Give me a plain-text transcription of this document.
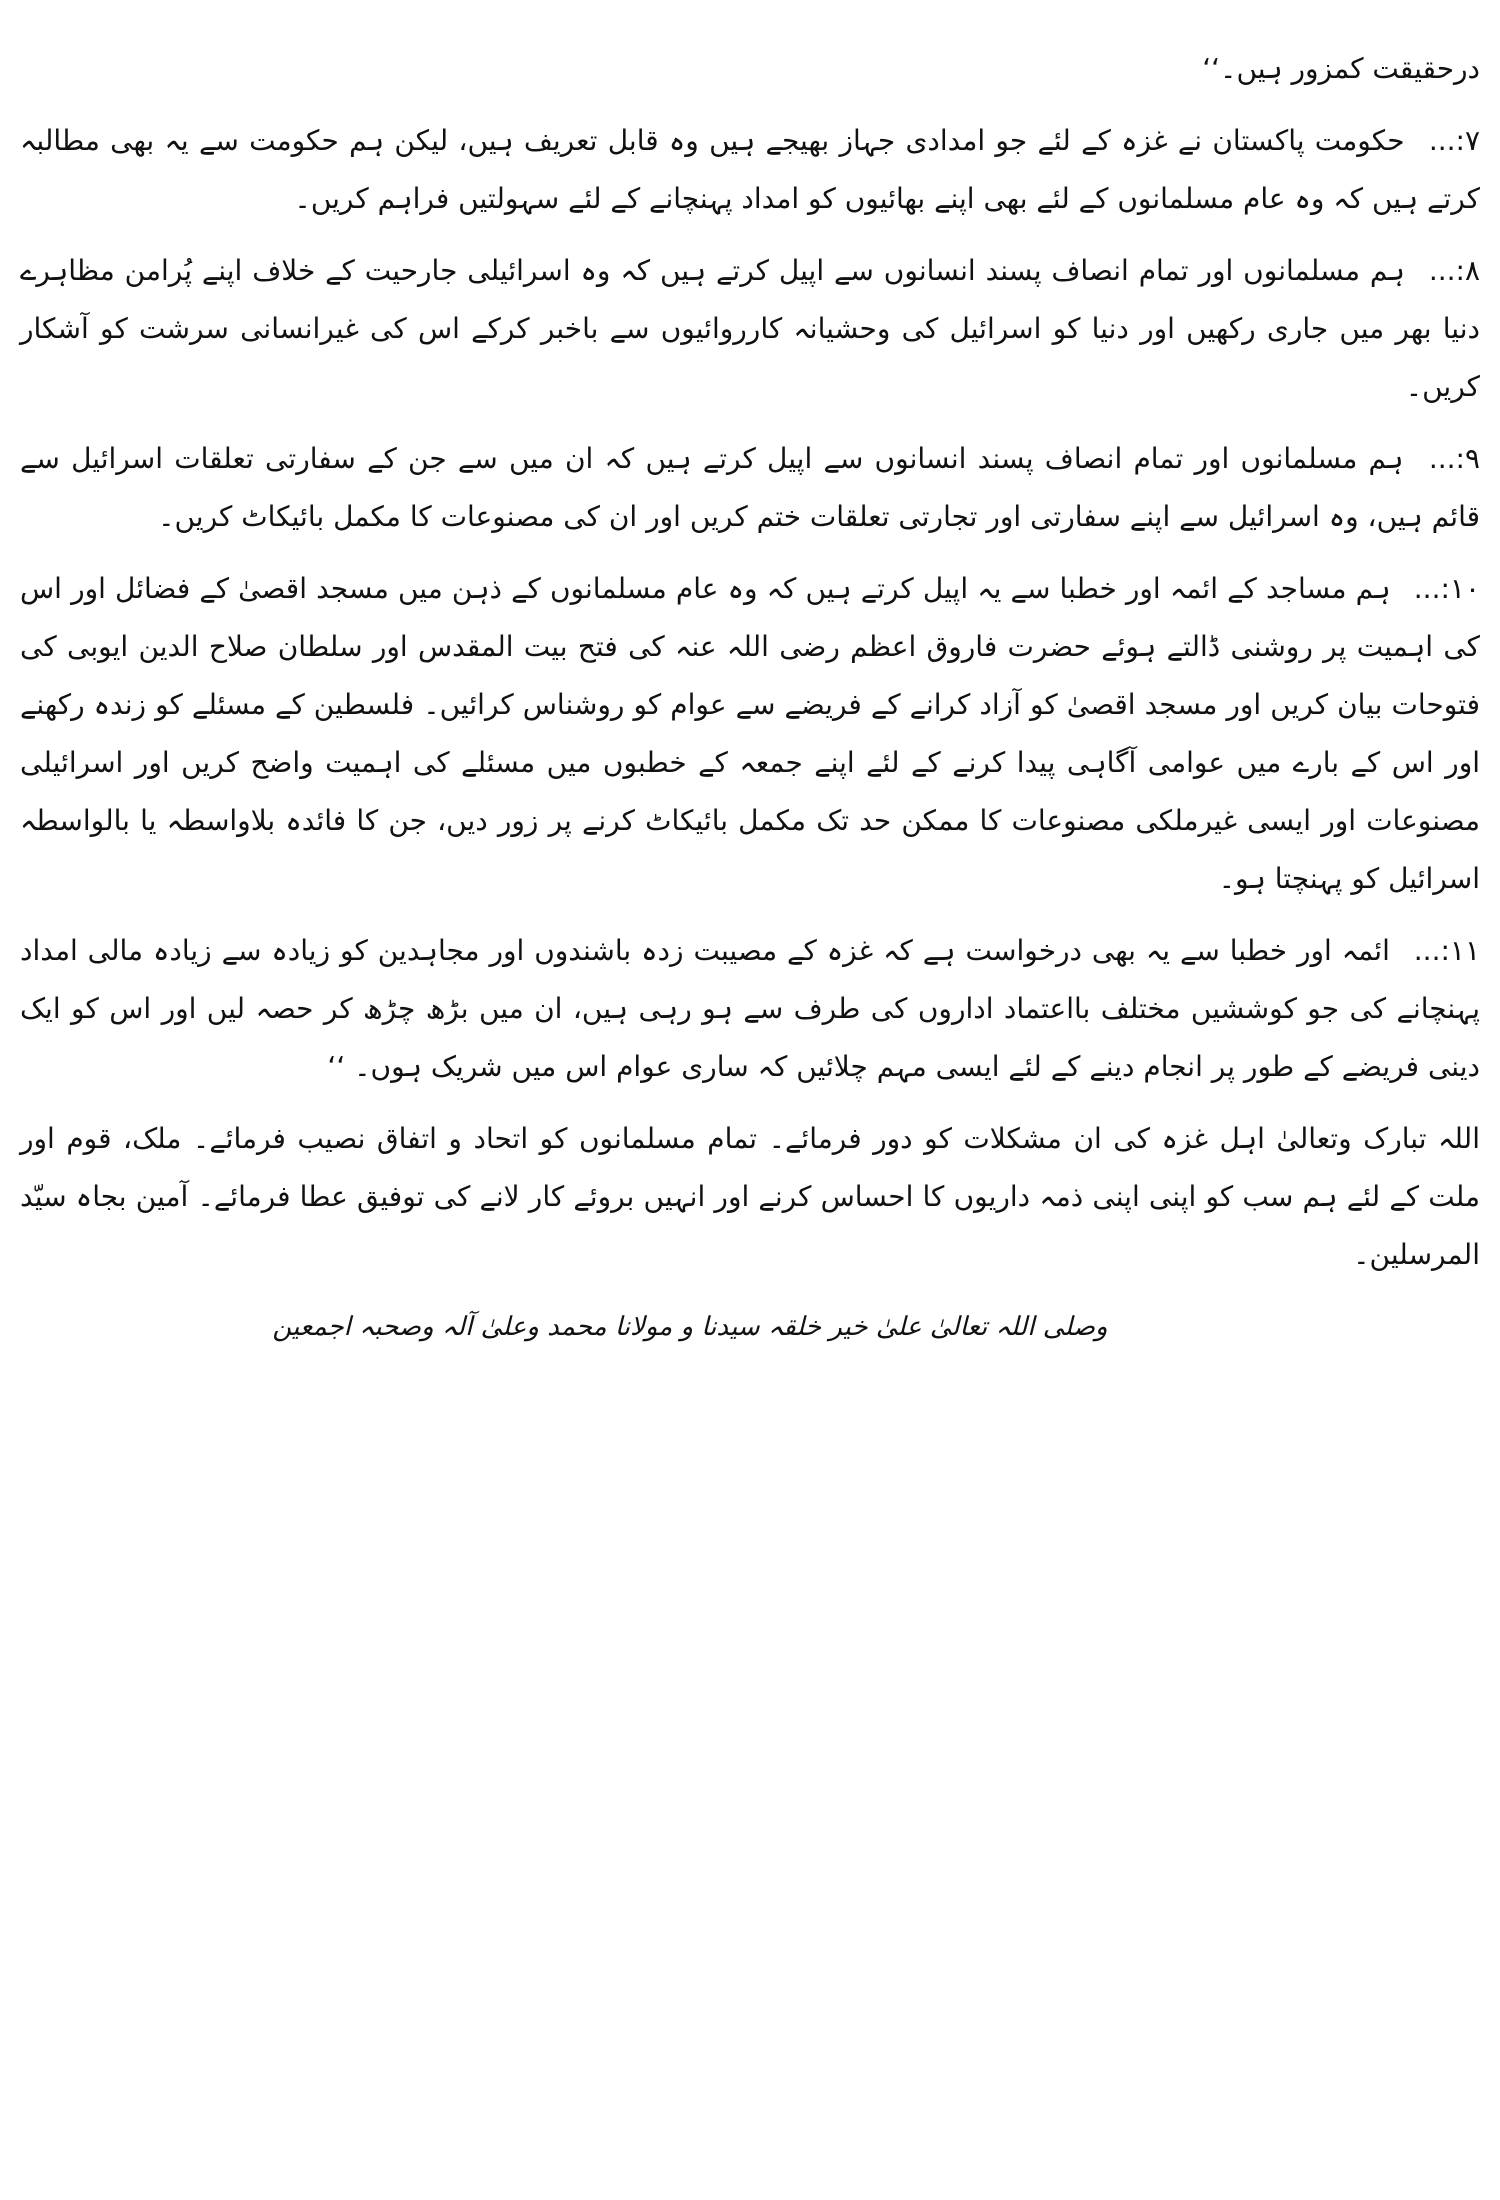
درحقیقت کمزور ہیں۔‘‘
۷:... حکومت پاکستان نے غزہ کے لئے جو امدادی جہاز بھیجے ہیں وہ قابل تعریف ہیں، لیکن ہم حکومت سے یہ بھی مطالبہ کرتے ہیں کہ وہ عام مسلمانوں کے لئے بھی اپنے بھائیوں کو امداد پہنچانے کے لئے سہولتیں فراہم کریں۔
۸:... ہم مسلمانوں اور تمام انصاف پسند انسانوں سے اپیل کرتے ہیں کہ وہ اسرائیلی جارحیت کے خلاف اپنے پُرامن مظاہرے دنیا بھر میں جاری رکھیں اور دنیا کو اسرائیل کی وحشیانہ کارروائیوں سے باخبر کرکے اس کی غیرانسانی سرشت کو آشکار کریں۔
۹:... ہم مسلمانوں اور تمام انصاف پسند انسانوں سے اپیل کرتے ہیں کہ ان میں سے جن کے سفارتی تعلقات اسرائیل سے قائم ہیں، وہ اسرائیل سے اپنے سفارتی اور تجارتی تعلقات ختم کریں اور ان کی مصنوعات کا مکمل بائیکاٹ کریں۔
۱۰:... ہم مساجد کے ائمہ اور خطبا سے یہ اپیل کرتے ہیں کہ وہ عام مسلمانوں کے ذہن میں مسجد اقصیٰ کے فضائل اور اس کی اہمیت پر روشنی ڈالتے ہوئے حضرت فاروق اعظم رضی اللہ عنہ کی فتح بیت المقدس اور سلطان صلاح الدین ایوبی کی فتوحات بیان کریں اور مسجد اقصیٰ کو آزاد کرانے کے فریضے سے عوام کو روشناس کرائیں۔ فلسطین کے مسئلے کو زندہ رکھنے اور اس کے بارے میں عوامی آگاہی پیدا کرنے کے لئے اپنے جمعہ کے خطبوں میں مسئلے کی اہمیت واضح کریں اور اسرائیلی مصنوعات اور ایسی غیرملکی مصنوعات کا ممکن حد تک مکمل بائیکاٹ کرنے پر زور دیں، جن کا فائدہ بلاواسطہ یا بالواسطہ اسرائیل کو پہنچتا ہو۔
۱۱:... ائمہ اور خطبا سے یہ بھی درخواست ہے کہ غزہ کے مصیبت زدہ باشندوں اور مجاہدین کو زیادہ سے زیادہ مالی امداد پہنچانے کی جو کوششیں مختلف بااعتماد اداروں کی طرف سے ہو رہی ہیں، ان میں بڑھ چڑھ کر حصہ لیں اور اس کو ایک دینی فریضے کے طور پر انجام دینے کے لئے ایسی مہم چلائیں کہ ساری عوام اس میں شریک ہوں۔ ‘‘
اللہ تبارک وتعالیٰ اہل غزہ کی ان مشکلات کو دور فرمائے۔ تمام مسلمانوں کو اتحاد و اتفاق نصیب فرمائے۔ ملک، قوم اور ملت کے لئے ہم سب کو اپنی اپنی ذمہ داریوں کا احساس کرنے اور انہیں بروئے کار لانے کی توفیق عطا فرمائے۔ آمین بجاہ سیّد المرسلین۔
وصلی اللہ تعالیٰ علیٰ خیر خلقہ سیدنا و مولانا محمد وعلیٰ آلہ وصحبہ اجمعین
